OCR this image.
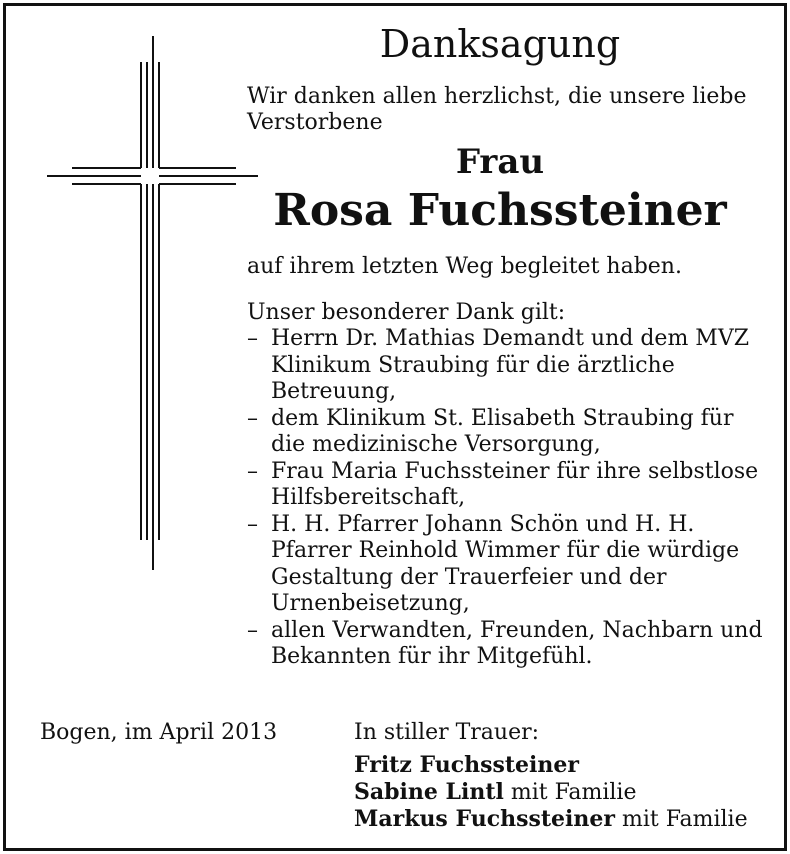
Danksagung

Wir danken allen herzlichst, die unsere liebe Verstorbene

Frau

Rosa Fuchssteiner

auf ihrem letzten Weg begleitet haben.

Unser besonderer Dank gilt:

– Herrn Dr. Mathias Demandt und dem MVZ Klinikum Straubing für die ärztliche Betreuung,
– dem Klinikum St. Elisabeth Straubing für die medizinische Versorgung,
– Frau Maria Fuchssteiner für ihre selbstlose Hilfsbereitschaft,
– H. H. Pfarrer Johann Schön und H. H. Pfarrer Reinhold Wimmer für die würdige Gestaltung der Trauerfeier und der Urnenbeisetzung,
– allen Verwandten, Freunden, Nachbarn und Bekannten für ihr Mitgefühl.

Bogen, im April 2013	In stiller Trauer:

Fritz Fuchssteiner
Sabine Lintl mit Familie
Markus Fuchssteiner mit Familie
